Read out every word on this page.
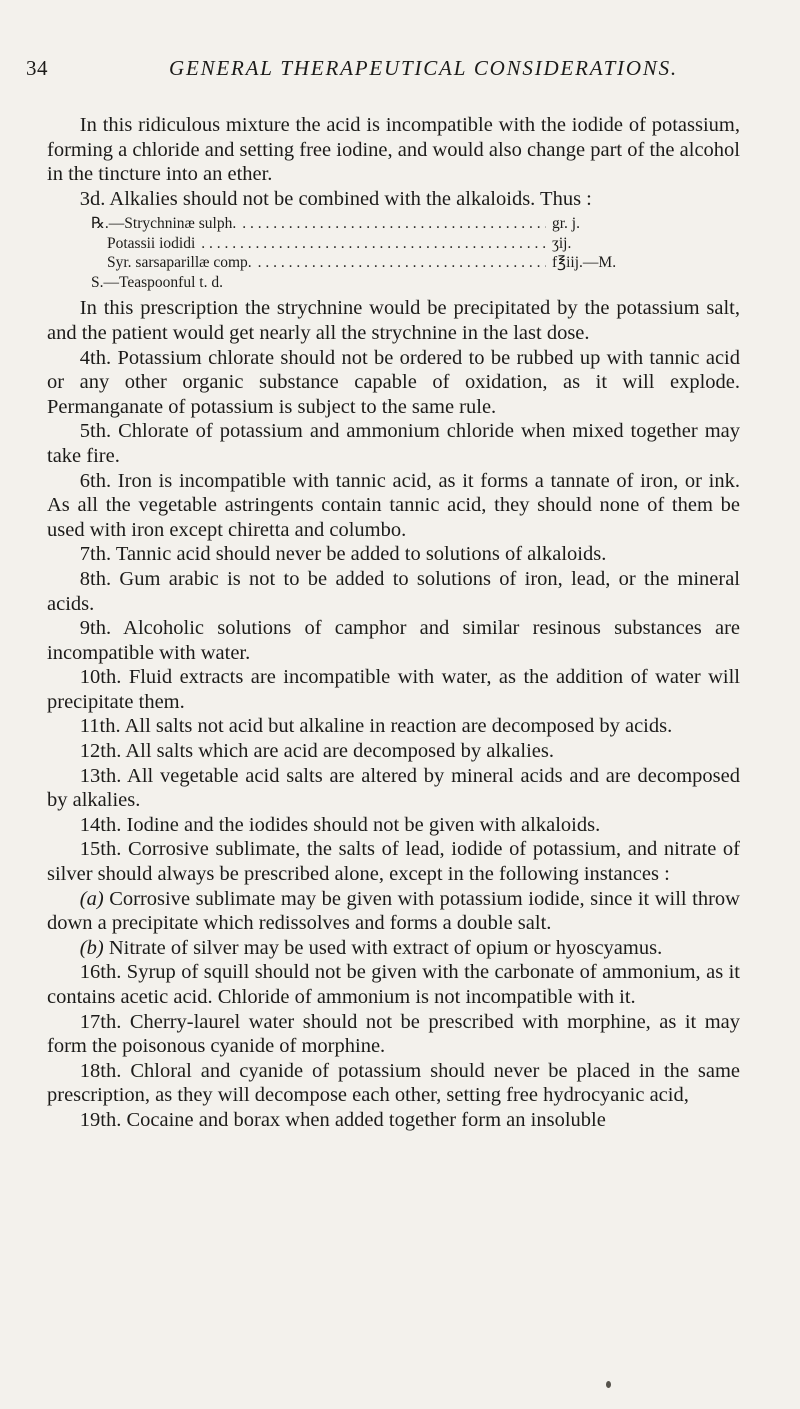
34	GENERAL THERAPEUTICAL CONSIDERATIONS.

In this ridiculous mixture the acid is incompatible with the iodide of potassium, forming a chloride and setting free iodine, and would also change part of the alcohol in the tincture into an ether.

3d. Alkalies should not be combined with the alkaloids. Thus :

℞.—Strychninæ sulph. . . .	gr. j.
Potassii iodidi . . .	ʒij.
Syr. sarsaparillæ comp. . . .	f℥iij.—M.
S.—Teaspoonful t. d.

In this prescription the strychnine would be precipitated by the potassium salt, and the patient would get nearly all the strychnine in the last dose.

4th. Potassium chlorate should not be ordered to be rubbed up with tannic acid or any other organic substance capable of oxidation, as it will explode. Permanganate of potassium is subject to the same rule.

5th. Chlorate of potassium and ammonium chloride when mixed together may take fire.

6th. Iron is incompatible with tannic acid, as it forms a tannate of iron, or ink. As all the vegetable astringents contain tannic acid, they should none of them be used with iron except chiretta and columbo.

7th. Tannic acid should never be added to solutions of alkaloids.

8th. Gum arabic is not to be added to solutions of iron, lead, or the mineral acids.

9th. Alcoholic solutions of camphor and similar resinous substances are incompatible with water.

10th. Fluid extracts are incompatible with water, as the addition of water will precipitate them.

11th. All salts not acid but alkaline in reaction are decomposed by acids.

12th. All salts which are acid are decomposed by alkalies.

13th. All vegetable acid salts are altered by mineral acids and are decomposed by alkalies.

14th. Iodine and the iodides should not be given with alkaloids.

15th. Corrosive sublimate, the salts of lead, iodide of potassium, and nitrate of silver should always be prescribed alone, except in the following instances :

(a) Corrosive sublimate may be given with potassium iodide, since it will throw down a precipitate which redissolves and forms a double salt.

(b) Nitrate of silver may be used with extract of opium or hyoscyamus.

16th. Syrup of squill should not be given with the carbonate of ammonium, as it contains acetic acid. Chloride of ammonium is not incompatible with it.

17th. Cherry-laurel water should not be prescribed with morphine, as it may form the poisonous cyanide of morphine.

18th. Chloral and cyanide of potassium should never be placed in the same prescription, as they will decompose each other, setting free hydrocyanic acid,

19th. Cocaine and borax when added together form an insoluble
